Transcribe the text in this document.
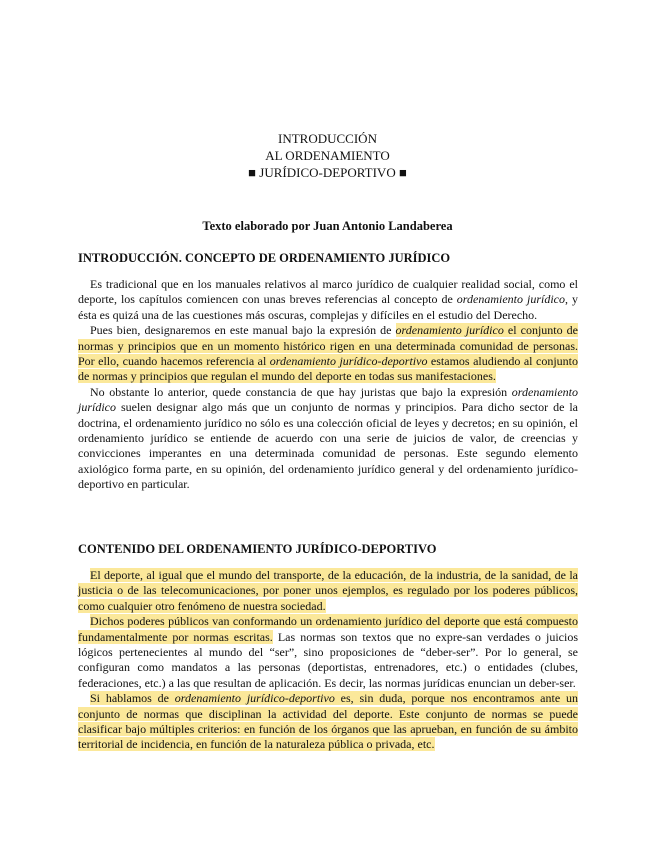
INTRODUCCIÓN
AL ORDENAMIENTO
■ JURÍDICO-DEPORTIVO ■
Texto elaborado por Juan Antonio Landaberea
INTRODUCCIÓN. CONCEPTO DE ORDENAMIENTO JURÍDICO

Es tradicional que en los manuales relativos al marco jurídico de cualquier realidad social, como el deporte, los capítulos comiencen con unas breves referencias al concepto de ordenamiento jurídico, y ésta es quizá una de las cuestiones más oscuras, complejas y difíciles en el estudio del Derecho.

Pues bien, designaremos en este manual bajo la expresión de ordenamiento jurídico el conjunto de normas y principios que en un momento histórico rigen en una determinada comunidad de personas. Por ello, cuando hacemos referencia al ordenamiento jurídico-deportivo estamos aludiendo al conjunto de normas y principios que regulan el mundo del deporte en todas sus manifestaciones.

No obstante lo anterior, quede constancia de que hay juristas que bajo la expresión ordenamiento jurídico suelen designar algo más que un conjunto de normas y principios. Para dicho sector de la doctrina, el ordenamiento jurídico no sólo es una colección oficial de leyes y decretos; en su opinión, el ordenamiento jurídico se entiende de acuerdo con una serie de juicios de valor, de creencias y convicciones imperantes en una determinada comunidad de personas. Este segundo elemento axiológico forma parte, en su opinión, del ordenamiento jurídico general y del ordenamiento jurídico-deportivo en particular.

CONTENIDO DEL ORDENAMIENTO JURÍDICO-DEPORTIVO

El deporte, al igual que el mundo del transporte, de la educación, de la industria, de la sanidad, de la justicia o de las telecomunicaciones, por poner unos ejemplos, es regulado por los poderes públicos, como cualquier otro fenómeno de nuestra sociedad.

Dichos poderes públicos van conformando un ordenamiento jurídico del deporte que está compuesto fundamentalmente por normas escritas. Las normas son textos que no expre-san verdades o juicios lógicos pertenecientes al mundo del “ser”, sino proposiciones de “deber-ser”. Por lo general, se configuran como mandatos a las personas (deportistas, entrenadores, etc.) o entidades (clubes, federaciones, etc.) a las que resultan de aplicación. Es decir, las normas jurídicas enuncian un deber-ser.

Si hablamos de ordenamiento jurídico-deportivo es, sin duda, porque nos encontramos ante un conjunto de normas que disciplinan la actividad del deporte. Este conjunto de normas se puede clasificar bajo múltiples criterios: en función de los órganos que las aprueban, en función de su ámbito territorial de incidencia, en función de la naturaleza pública o privada, etc.
